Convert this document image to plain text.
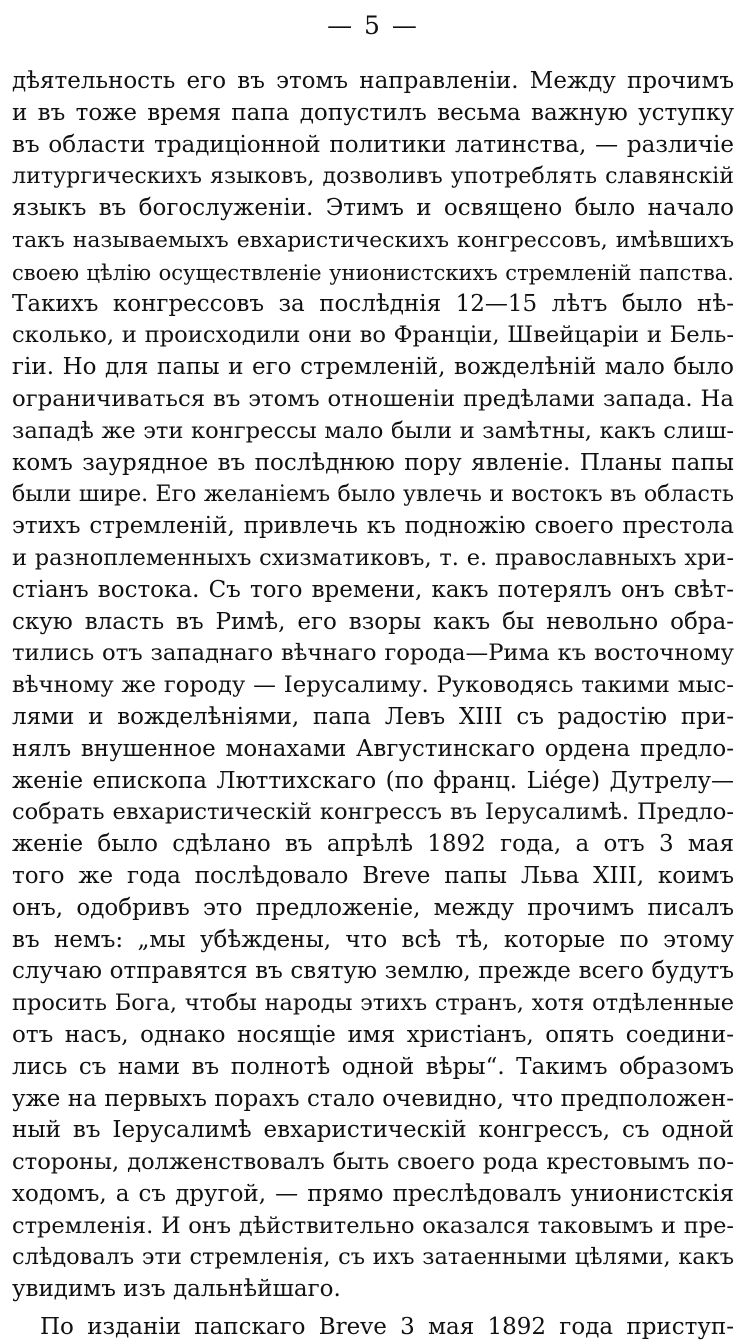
— 5 —
дѣятельность его въ этомъ направленіи. Между прочимъ
и въ тоже время папа допустилъ весьма важную уступку
въ области традиціонной политики латинства, — различіе
литургическихъ языковъ, дозволивъ употреблять славянскій
языкъ въ богослуженіи. Этимъ и освящено было начало
такъ называемыхъ евхаристическихъ конгрессовъ, имѣвшихъ
своею цѣлію осуществленіе унионистскихъ стремленій папства.
Такихъ конгрессовъ за послѣднія 12—15 лѣтъ было нѣ-
сколько, и происходили они во Франціи, Швейцаріи и Бель-
гіи. Но для папы и его стремленій, вожделѣній мало было
ограничиваться въ этомъ отношеніи предѣлами запада. На
западѣ же эти конгрессы мало были и замѣтны, какъ слиш-
комъ заурядное въ послѣднюю пору явленіе. Планы папы
были шире. Его желаніемъ было увлечь и востокъ въ область
этихъ стремленій, привлечь къ подножію своего престола
и разноплеменныхъ схизматиковъ, т. е. православныхъ хри-
стіанъ востока. Съ того времени, какъ потерялъ онъ свѣт-
скую власть въ Римѣ, его взоры какъ бы невольно обра-
тились отъ западнаго вѣчнаго города—Рима къ восточному
вѣчному же городу — Іерусалиму. Руководясь такими мыс-
лями и вожделѣніями, папа Левъ XIII съ радостію при-
нялъ внушенное монахами Августинскаго ордена предло-
женіе епископа Люттихскаго (по франц. Liége) Дутрелу—
собрать евхаристическій конгрессъ въ Іерусалимѣ. Предло-
женіе было сдѣлано въ апрѣлѣ 1892 года, а отъ 3 мая
того же года послѣдовало Breve папы Льва XIII, коимъ
онъ, одобривъ это предложеніе, между прочимъ писалъ
въ немъ: „мы убѣждены, что всѣ тѣ, которые по этому
случаю отправятся въ святую землю, прежде всего будутъ
просить Бога, чтобы народы этихъ странъ, хотя отдѣленные
отъ насъ, однако носящіе имя христіанъ, опять соедини-
лись съ нами въ полнотѣ одной вѣры“. Такимъ образомъ
уже на первыхъ порахъ стало очевидно, что предположен-
ный въ Іерусалимѣ евхаристическій конгрессъ, съ одной
стороны, долженствовалъ быть своего рода крестовымъ по-
ходомъ, а съ другой, — прямо преслѣдовалъ унионистскія
стремленія. И онъ дѣйствительно оказался таковымъ и пре-
слѣдовалъ эти стремленія, съ ихъ затаенными цѣлями, какъ
увидимъ изъ дальнѣйшаго.
По изданіи папскаго Breve 3 мая 1892 года приступ-
